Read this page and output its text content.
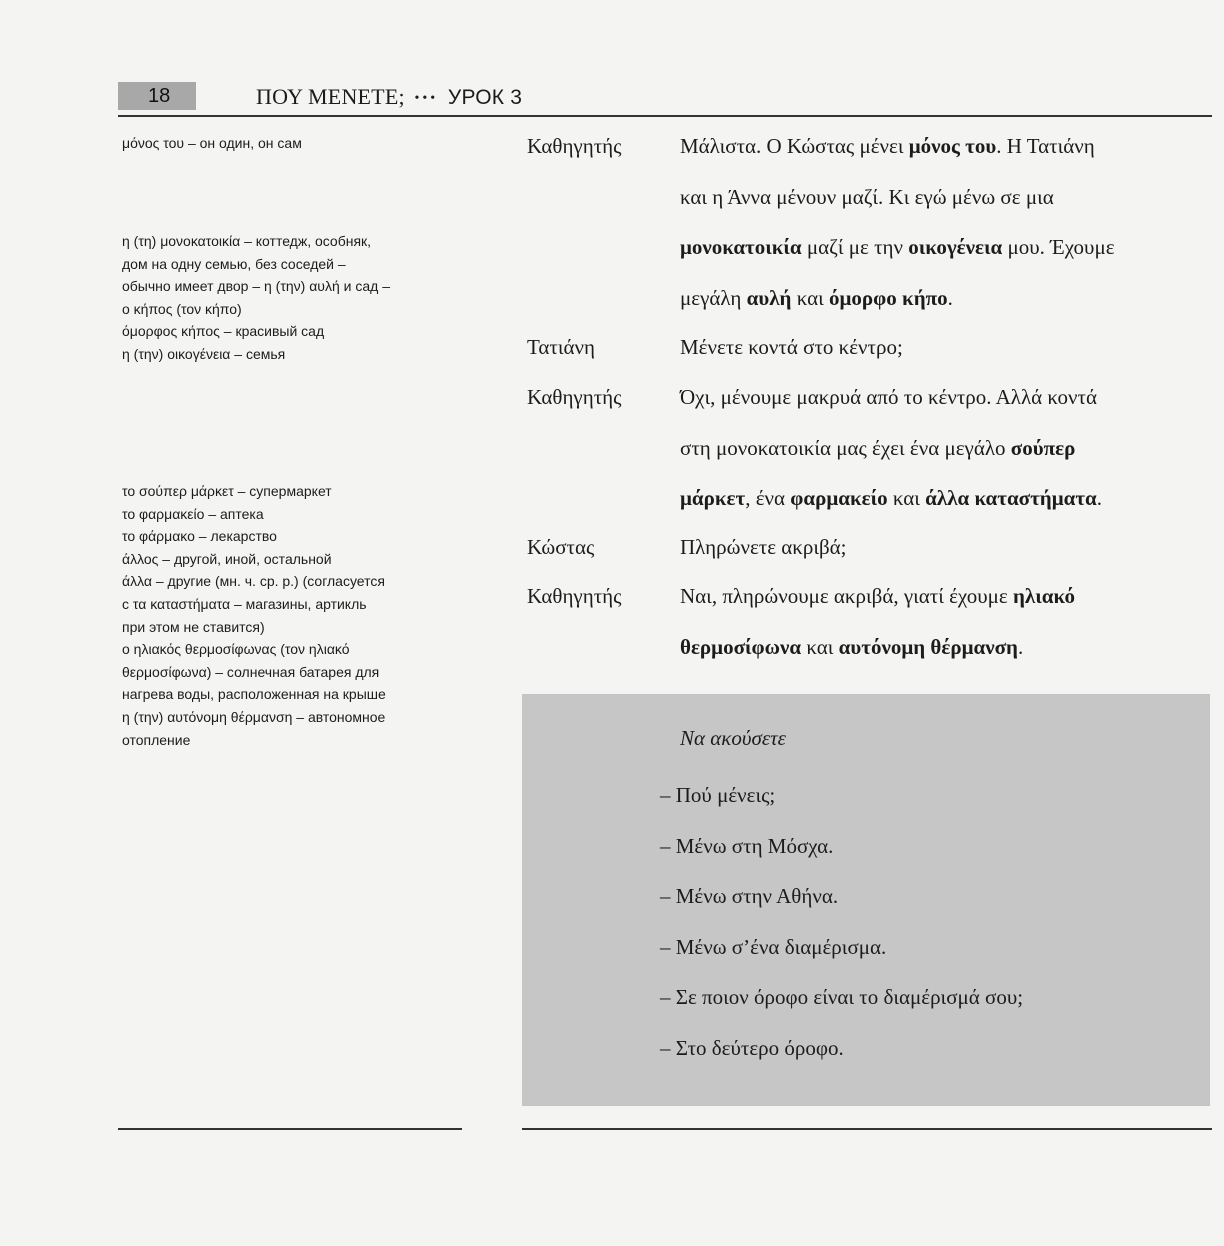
18	ΠΟΥ ΜΕΝΕΤΕ; ••• УРОК 3
μόνος του – он один, он сам
η (τη) μονοκατοικία – коттедж, особняк,
дом на одну семью, без соседей –
обычно имеет двор – η (την) αυλή и сад –
ο κήπος (τον κήπο)
όμορφος κήπος – красивый сад
η (την) οικογένεια – семья
το σούπερ μάρκετ – супермаркет
το φαρμακείο – аптека
το φάρμακο – лекарство
άλλος – другой, иной, остальной
άλλα – другие (мн. ч. ср. р.) (согласуется
с τα καταστήματα – магазины, артикль
при этом не ставится)
ο ηλιακός θερμοσίφωνας (τον ηλιακό
θερμοσίφωνα) – солнечная батарея для
нагрева воды, расположенная на крыше
η (την) αυτόνομη θέρμανση – автономное
отопление
Καθηγητής	Μάλιστα. Ο Κώστας μένει μόνος του. Η Τατιάνη
και η Άννα μένουν μαζί. Κι εγώ μένω σε μια
μονοκατοικία μαζί με την οικογένεια μου. Έχουμε
μεγάλη αυλή και όμορφο κήπο.
Τατιάνη	Μένετε κοντά στο κέντρο;
Καθηγητής	Όχι, μένουμε μακρυά από το κέντρο. Αλλά κοντά
στη μονοκατοικία μας έχει ένα μεγάλο σούπερ
μάρκετ, ένα φαρμακείο και άλλα καταστήματα.
Κώστας	Πληρώνετε ακριβά;
Καθηγητής	Ναι, πληρώνουμε ακριβά, γιατί έχουμε ηλιακό
θερμοσίφωνα και αυτόνομη θέρμανση.
Να ακούσετε
– Πού μένεις;
– Μένω στη Μόσχα.
– Μένω στην Αθήνα.
– Μένω σ’ένα διαμέρισμα.
– Σε ποιον όροφο είναι το διαμέρισμά σου;
– Στο δεύτερο όροφο.
